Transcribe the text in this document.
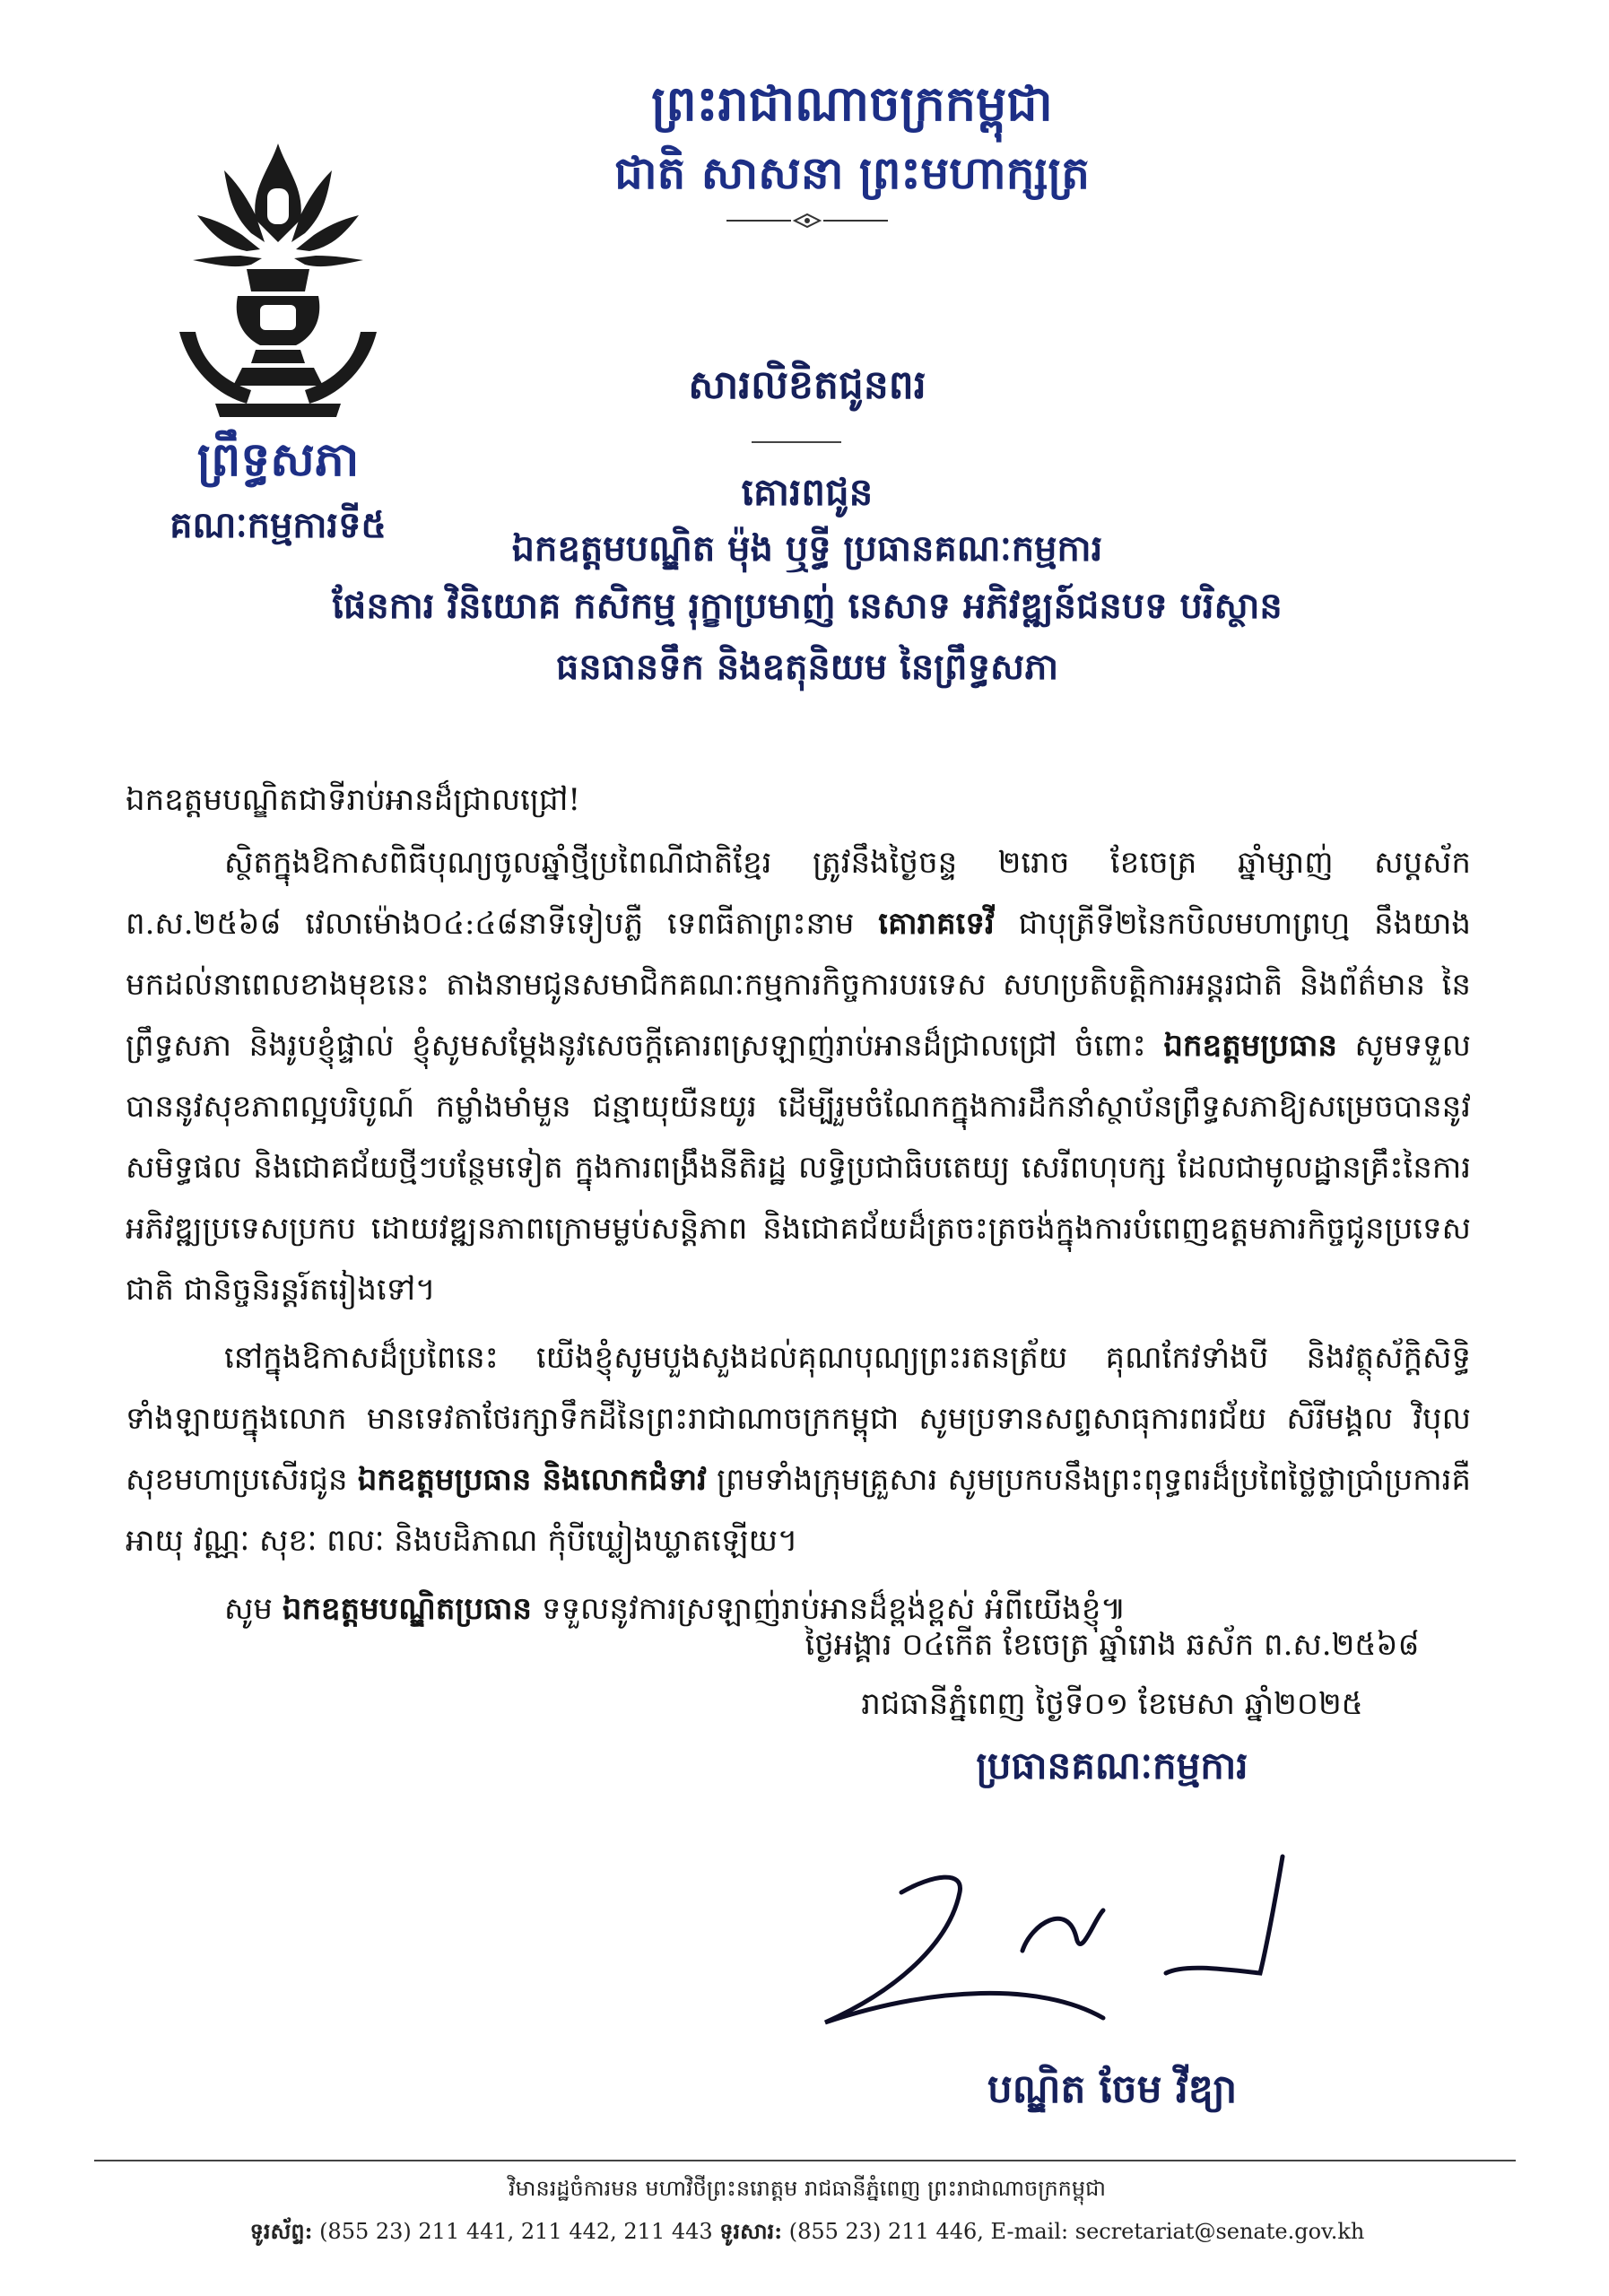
ព្រះរាជាណាចក្រកម្ពុជា
ជាតិ សាសនា ព្រះមហាក្សត្រ
ព្រឹទ្ធសភា
គណៈកម្មការទី៥
សារលិខិតជូនពរ
គោរពជូន
ឯកឧត្តមបណ្ឌិត ម៉ុង ឬទ្ធី ប្រធានគណៈកម្មការ
ផែនការ វិនិយោគ កសិកម្ម រុក្ខាប្រមាញ់ នេសាទ អភិវឌ្ឍន៍ជនបទ បរិស្ថាន
ធនធានទឹក និងឧតុនិយម នៃព្រឹទ្ធសភា
ឯកឧត្តមបណ្ឌិតជាទីរាប់អានដ៏ជ្រាលជ្រៅ!

ស្ថិតក្នុងឱកាសពិធីបុណ្យចូលឆ្នាំថ្មីប្រពៃណីជាតិខ្មែរ ត្រូវនឹងថ្ងៃចន្ទ ២រោច ខែចេត្រ ឆ្នាំម្សាញ់ សប្តស័ក ព.ស.២៥៦៨ វេលាម៉ោង០៤:៤៨នាទីទៀបភ្លឺ ទេពធីតាព្រះនាម គោរាគទេវី ជាបុត្រីទី២នៃកបិលមហាព្រហ្ម នឹងយាងមកដល់នាពេលខាងមុខនេះ តាងនាមជូនសមាជិកគណៈកម្មការកិច្ចការបរទេស សហប្រតិបត្តិការអន្តរជាតិ និងព័ត៌មាន នៃព្រឹទ្ធសភា និងរូបខ្ញុំផ្ទាល់ ខ្ញុំសូមសម្តែងនូវសេចក្តីគោរពស្រឡាញ់រាប់អានដ៏ជ្រាលជ្រៅ ចំពោះ ឯកឧត្តមប្រធាន សូមទទួលបាននូវសុខភាពល្អបរិបូណ៍ កម្លាំងមាំមួន ជន្មាយុយឺនយូរ ដើម្បីរួមចំណែកក្នុងការដឹកនាំស្ថាប័នព្រឹទ្ធសភាឱ្យសម្រេចបាននូវសមិទ្ធផល និងជោគជ័យថ្មីៗបន្ថែមទៀត ក្នុងការពង្រឹងនីតិរដ្ឋ លទ្ធិប្រជាធិបតេយ្យ សេរីពហុបក្ស ដែលជាមូលដ្ឋានគ្រឹះនៃការអភិវឌ្ឍប្រទេសប្រកប ដោយវឌ្ឍនភាពក្រោមម្លប់សន្តិភាព និងជោគជ័យដ៏ត្រចះត្រចង់ក្នុងការបំពេញឧត្តមភារកិច្ចជូនប្រទេសជាតិ ជានិច្ចនិរន្តរ៍តរៀងទៅ។

នៅក្នុងឱកាសដ៏ប្រពៃនេះ យើងខ្ញុំសូមបួងសួងដល់គុណបុណ្យព្រះរតនត្រ័យ គុណកែវទាំងបី និងវត្ថុស័ក្តិសិទ្ធិទាំងឡាយក្នុងលោក មានទេវតាថែរក្សាទឹកដីនៃព្រះរាជាណាចក្រកម្ពុជា សូមប្រទានសព្ទសាធុការពរជ័យ សិរីមង្គល វិបុលសុខមហាប្រសើរជូន ឯកឧត្តមប្រធាន និងលោកជំទាវ ព្រមទាំងក្រុមគ្រួសារ សូមប្រកបនឹងព្រះពុទ្ធពរដ៏ប្រពៃថ្លៃថ្លាប្រាំប្រការគឺ អាយុ វណ្ណៈ សុខៈ ពលៈ និងបដិភាណ កុំបីឃ្លៀងឃ្លាតឡើយ។

សូម ឯកឧត្តមបណ្ឌិតប្រធាន ទទួលនូវការស្រឡាញ់រាប់អានដ៏ខ្ពង់ខ្ពស់ អំពីយើងខ្ញុំ៕

ថ្ងៃអង្គារ ០៤កើត ខែចេត្រ ឆ្នាំរោង ឆស័ក ព.ស.២៥៦៨
រាជធានីភ្នំពេញ ថ្ងៃទី០១ ខែមេសា ឆ្នាំ២០២៥
ប្រធានគណៈកម្មការ
បណ្ឌិត ចែម វីឌ្យា
វិមានរដ្ឋចំការមន មហាវិថីព្រះនរោត្តម រាជធានីភ្នំពេញ ព្រះរាជាណាចក្រកម្ពុជា
ទូរស័ព្ទ: (855 23) 211 441, 211 442, 211 443 ទូរសារ: (855 23) 211 446, E-mail: secretariat@senate.gov.kh
